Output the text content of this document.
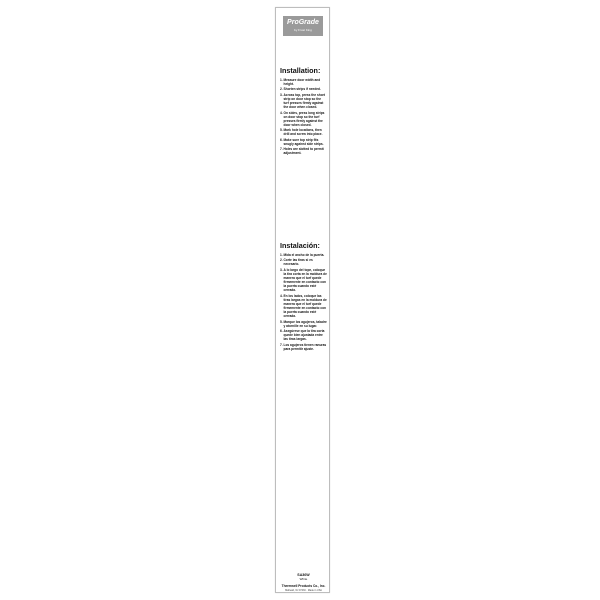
ProGrade
by Frost King
Installation:
1. Measure door width and height.
2. Shorten strips if needed.
3. Across top, press the short strip on door stop so the turf presses firmly against the door when closed.
4. On sides, press long strips on door stop so the turf presses firmly against the door when closed.
5. Mark hole locations, then drill and screw into place.
6. Make sure top strip fits snugly against side strips.
7. Holes are slotted to permit adjustment.
Instalación:
1. Mida el ancho de la puerta.
2. Corte las tiras si es necesario.
3. A lo largo del tope, coloque la tira corta en la moldura de manera que el turf quede firmemente en contacto con la puerta cuando esté cerrada.
4. En los lados, coloque las tiras largas en la moldura de manera que el turf quede firmemente en contacto con la puerta cuando esté cerrada.
5. Marque los agujeros, taladre y atornille en su lugar.
6. Asegúrese que la tira corta quede bien ajustada entre las tiras largas.
7. Los agujeros tienen ranuras para permitir ajuste.
SA36W
White
Thermwell Products Co., Inc.
Mahwah, NJ 07430 · Made in USA
